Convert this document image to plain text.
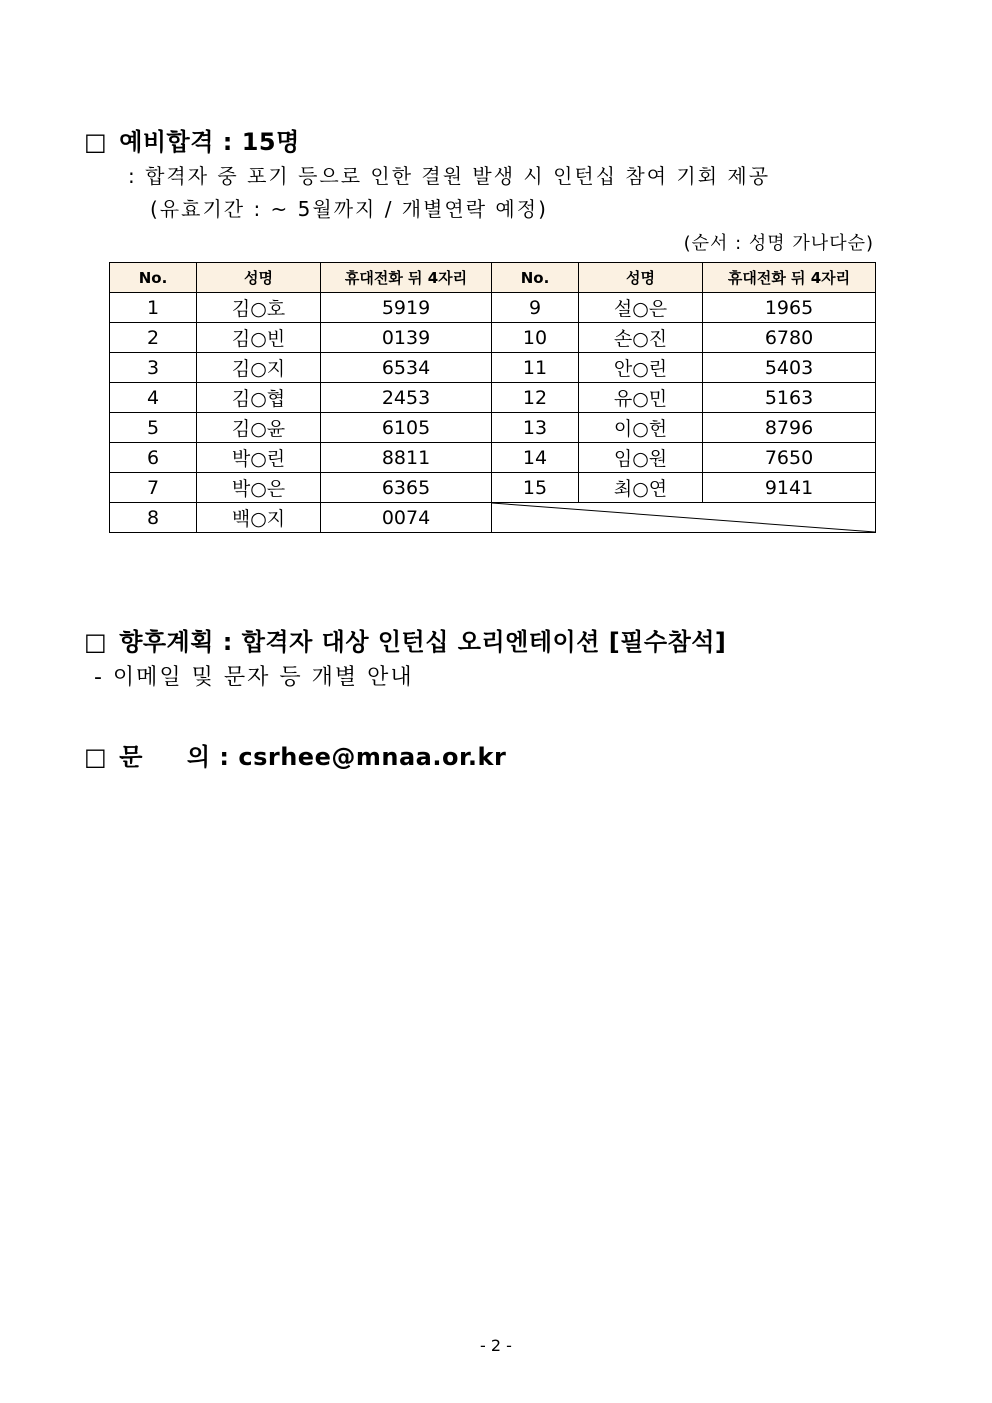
□ 예비합격 : 15명
: 합격자 중 포기 등으로 인한 결원 발생 시 인턴십 참여 기회 제공
(유효기간 : ~ 5월까지 / 개별연락 예정)
(순서 : 성명 가나다순)
No.	성명	휴대전화 뒤 4자리	No.	성명	휴대전화 뒤 4자리
1	김○호	5919	9	설○은	1965
2	김○빈	0139	10	손○진	6780
3	김○지	6534	11	안○린	5403
4	김○협	2453	12	유○민	5163
5	김○윤	6105	13	이○헌	8796
6	박○린	8811	14	임○원	7650
7	박○은	6365	15	최○연	9141
8	백○지	0074	
□ 향후계획 : 합격자 대상 인턴십 오리엔테이션 [필수참석]
- 이메일 및 문자 등 개별 안내
□ 문 의 : csrhee@mnaa.or.kr
- 2 -
